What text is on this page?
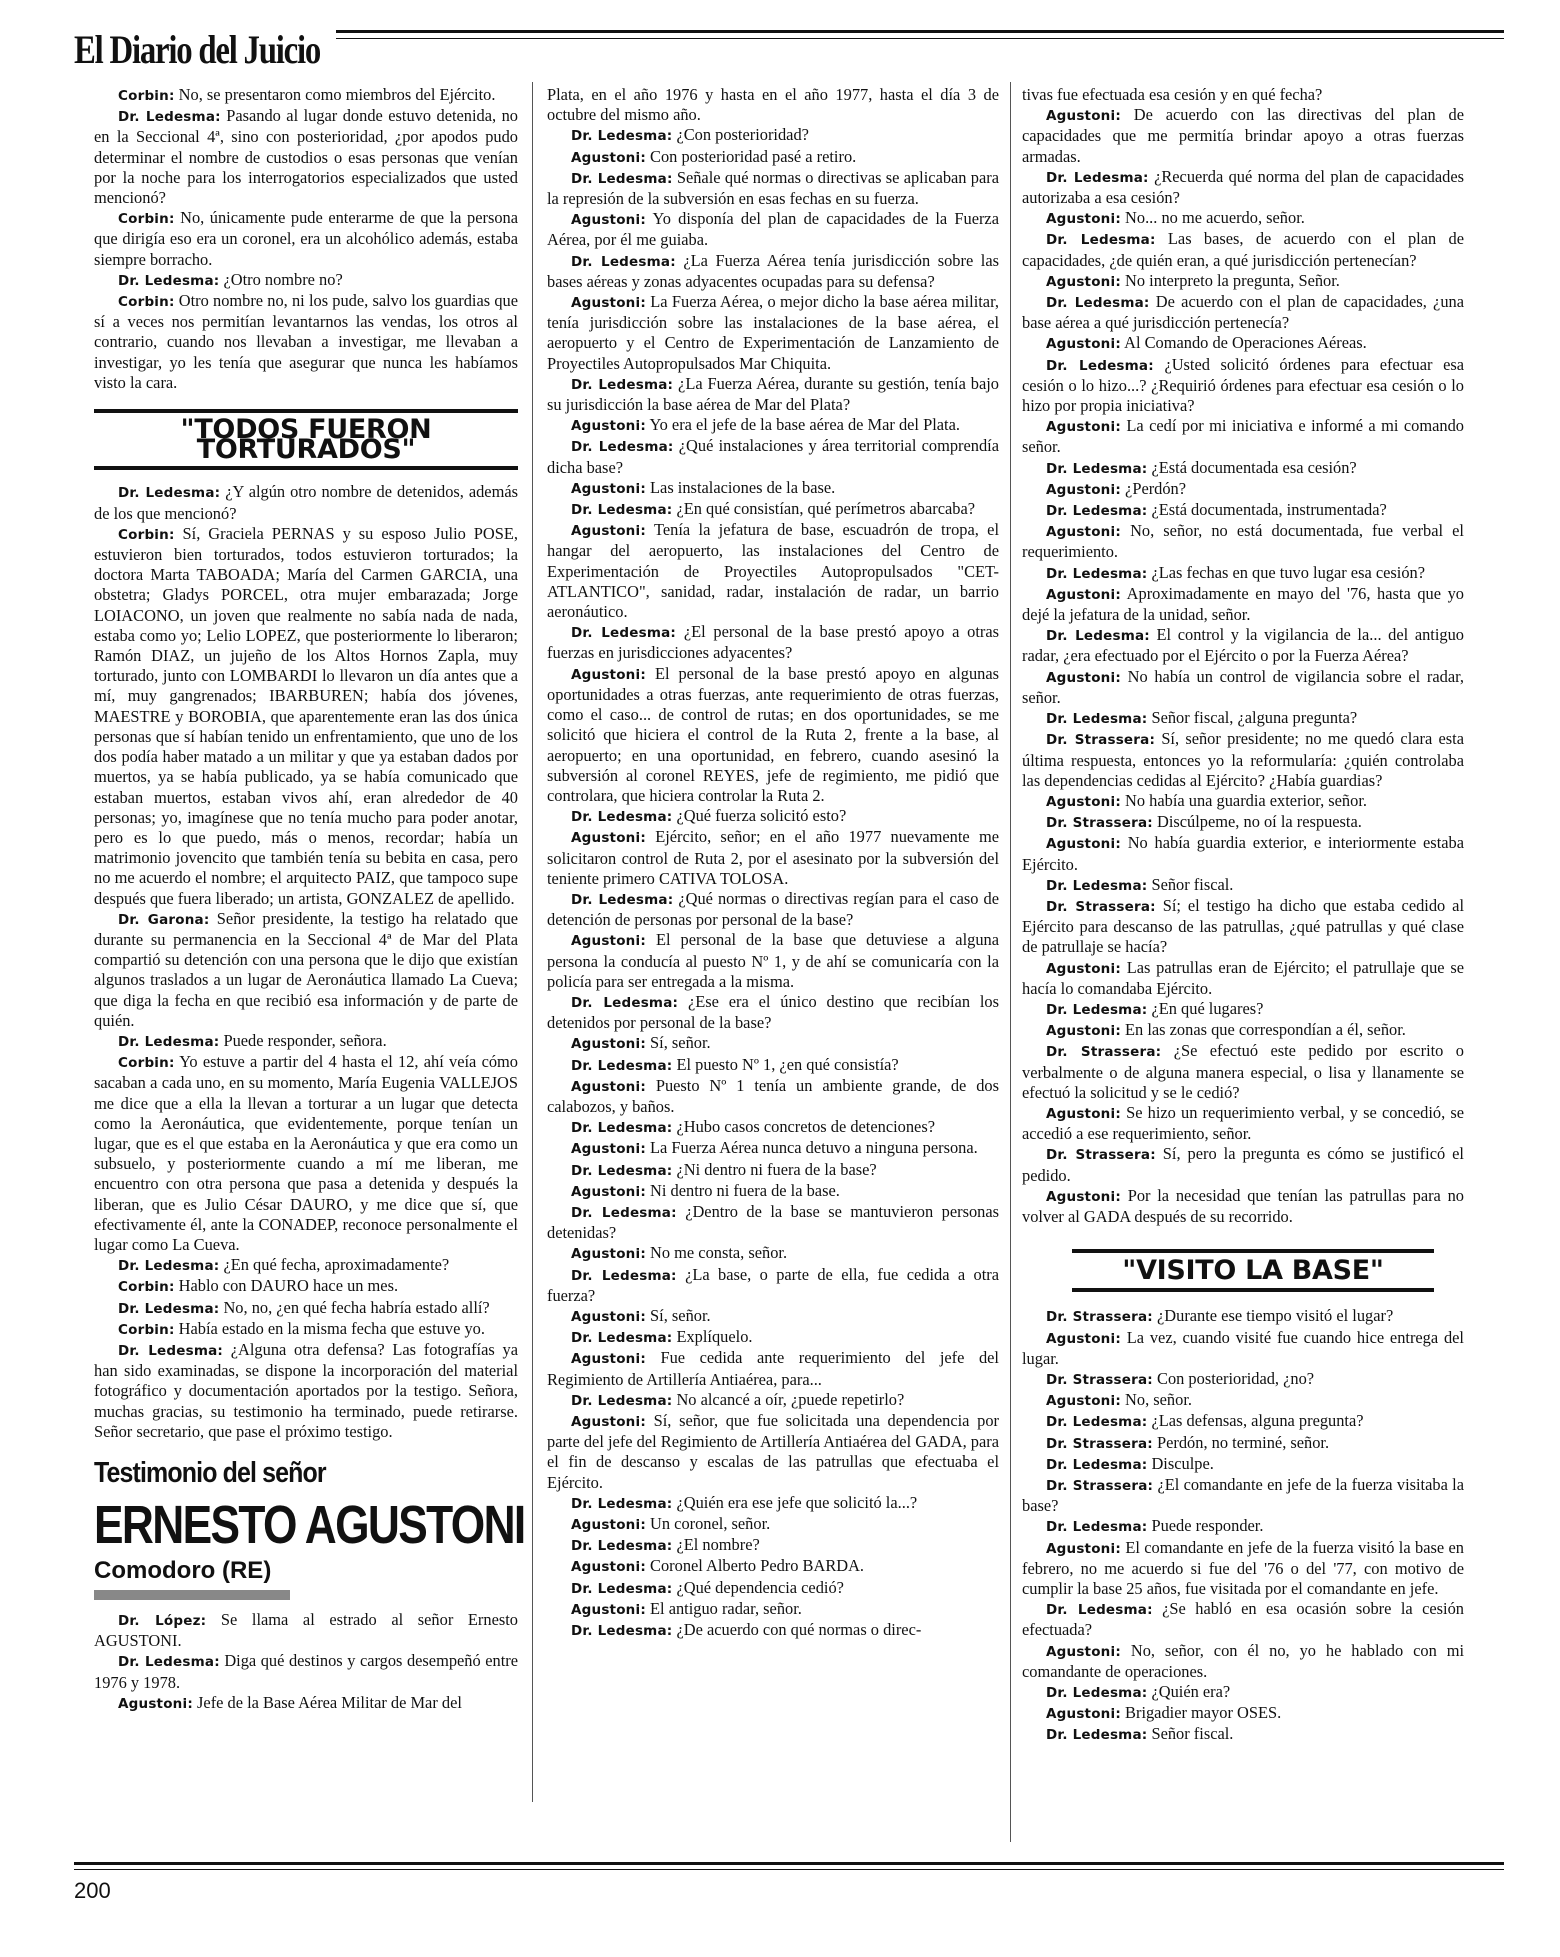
El Diario del Juicio

Corbin: No, se presentaron como miembros del Ejército.

Dr. Ledesma: Pasando al lugar donde estuvo detenida, no en la Seccional 4ª, sino con posterioridad, ¿por apodos pudo determinar el nombre de custodios o esas personas que venían por la noche para los interrogatorios especializados que usted mencionó?

Corbin: No, únicamente pude enterarme de que la persona que dirigía eso era un coronel, era un alcohólico además, estaba siempre borracho.

Dr. Ledesma: ¿Otro nombre no?

Corbin: Otro nombre no, ni los pude, salvo los guardias que sí a veces nos permitían levantarnos las vendas, los otros al contrario, cuando nos llevaban a investigar, me llevaban a investigar, yo les tenía que asegurar que nunca les habíamos visto la cara.

"TODOS FUERON TORTURADOS"

Dr. Ledesma: ¿Y algún otro nombre de detenidos, además de los que mencionó?

Corbin: Sí, Graciela PERNAS y su esposo Julio POSE, estuvieron bien torturados, todos estuvieron torturados; la doctora Marta TABOADA; María del Carmen GARCIA, una obstetra; Gladys PORCEL, otra mujer embarazada; Jorge LOIACONO, un joven que realmente no sabía nada de nada, estaba como yo; Lelio LOPEZ, que posteriormente lo liberaron; Ramón DIAZ, un jujeño de los Altos Hornos Zapla, muy torturado, junto con LOMBARDI lo llevaron un día antes que a mí, muy gangrenados; IBARBUREN; había dos jóvenes, MAESTRE y BOROBIA, que aparentemente eran las dos única personas que sí habían tenido un enfrentamiento, que uno de los dos podía haber matado a un militar y que ya estaban dados por muertos, ya se había publicado, ya se había comunicado que estaban muertos, estaban vivos ahí, eran alrededor de 40 personas; yo, imagínese que no tenía mucho para poder anotar, pero es lo que puedo, más o menos, recordar; había un matrimonio jovencito que también tenía su bebita en casa, pero no me acuerdo el nombre; el arquitecto PAIZ, que tampoco supe después que fuera liberado; un artista, GONZALEZ de apellido.

Dr. Garona: Señor presidente, la testigo ha relatado que durante su permanencia en la Seccional 4ª de Mar del Plata compartió su detención con una persona que le dijo que existían algunos traslados a un lugar de Aeronáutica llamado La Cueva; que diga la fecha en que recibió esa información y de parte de quién.

Dr. Ledesma: Puede responder, señora.

Corbin: Yo estuve a partir del 4 hasta el 12, ahí veía cómo sacaban a cada uno, en su momento, María Eugenia VALLEJOS me dice que a ella la llevan a torturar a un lugar que detecta como la Aeronáutica, que evidentemente, porque tenían un lugar, que es el que estaba en la Aeronáutica y que era como un subsuelo, y posteriormente cuando a mí me liberan, me encuentro con otra persona que pasa a detenida y después la liberan, que es Julio César DAURO, y me dice que sí, que efectivamente él, ante la CONADEP, reconoce personalmente el lugar como La Cueva.

Dr. Ledesma: ¿En qué fecha, aproximadamente?

Corbin: Hablo con DAURO hace un mes.

Dr. Ledesma: No, no, ¿en qué fecha habría estado allí?

Corbin: Había estado en la misma fecha que estuve yo.

Dr. Ledesma: ¿Alguna otra defensa? Las fotografías ya han sido examinadas, se dispone la incorporación del material fotográfico y documentación aportados por la testigo. Señora, muchas gracias, su testimonio ha terminado, puede retirarse. Señor secretario, que pase el próximo testigo.

Testimonio del señor

ERNESTO AGUSTONI

Comodoro (RE)

Dr. López: Se llama al estrado al señor Ernesto AGUSTONI.

Dr. Ledesma: Diga qué destinos y cargos desempeñó entre 1976 y 1978.

Agustoni: Jefe de la Base Aérea Militar de Mar del

Plata, en el año 1976 y hasta en el año 1977, hasta el día 3 de octubre del mismo año.

Dr. Ledesma: ¿Con posterioridad?

Agustoni: Con posterioridad pasé a retiro.

Dr. Ledesma: Señale qué normas o directivas se aplicaban para la represión de la subversión en esas fechas en su fuerza.

Agustoni: Yo disponía del plan de capacidades de la Fuerza Aérea, por él me guiaba.

Dr. Ledesma: ¿La Fuerza Aérea tenía jurisdicción sobre las bases aéreas y zonas adyacentes ocupadas para su defensa?

Agustoni: La Fuerza Aérea, o mejor dicho la base aérea militar, tenía jurisdicción sobre las instalaciones de la base aérea, el aeropuerto y el Centro de Experimentación de Lanzamiento de Proyectiles Autopropulsados Mar Chiquita.

Dr. Ledesma: ¿La Fuerza Aérea, durante su gestión, tenía bajo su jurisdicción la base aérea de Mar del Plata?

Agustoni: Yo era el jefe de la base aérea de Mar del Plata.

Dr. Ledesma: ¿Qué instalaciones y área territorial comprendía dicha base?

Agustoni: Las instalaciones de la base.

Dr. Ledesma: ¿En qué consistían, qué perímetros abarcaba?

Agustoni: Tenía la jefatura de base, escuadrón de tropa, el hangar del aeropuerto, las instalaciones del Centro de Experimentación de Proyectiles Autopropulsados "CET-ATLANTICO", sanidad, radar, instalación de radar, un barrio aeronáutico.

Dr. Ledesma: ¿El personal de la base prestó apoyo a otras fuerzas en jurisdicciones adyacentes?

Agustoni: El personal de la base prestó apoyo en algunas oportunidades a otras fuerzas, ante requerimiento de otras fuerzas, como el caso... de control de rutas; en dos oportunidades, se me solicitó que hiciera el control de la Ruta 2, frente a la base, al aeropuerto; en una oportunidad, en febrero, cuando asesinó la subversión al coronel REYES, jefe de regimiento, me pidió que controlara, que hiciera controlar la Ruta 2.

Dr. Ledesma: ¿Qué fuerza solicitó esto?

Agustoni: Ejército, señor; en el año 1977 nuevamente me solicitaron control de Ruta 2, por el asesinato por la subversión del teniente primero CATIVA TOLOSA.

Dr. Ledesma: ¿Qué normas o directivas regían para el caso de detención de personas por personal de la base?

Agustoni: El personal de la base que detuviese a alguna persona la conducía al puesto Nº 1, y de ahí se comunicaría con la policía para ser entregada a la misma.

Dr. Ledesma: ¿Ese era el único destino que recibían los detenidos por personal de la base?

Agustoni: Sí, señor.

Dr. Ledesma: El puesto Nº 1, ¿en qué consistía?

Agustoni: Puesto Nº 1 tenía un ambiente grande, de dos calabozos, y baños.

Dr. Ledesma: ¿Hubo casos concretos de detenciones?

Agustoni: La Fuerza Aérea nunca detuvo a ninguna persona.

Dr. Ledesma: ¿Ni dentro ni fuera de la base?

Agustoni: Ni dentro ni fuera de la base.

Dr. Ledesma: ¿Dentro de la base se mantuvieron personas detenidas?

Agustoni: No me consta, señor.

Dr. Ledesma: ¿La base, o parte de ella, fue cedida a otra fuerza?

Agustoni: Sí, señor.

Dr. Ledesma: Explíquelo.

Agustoni: Fue cedida ante requerimiento del jefe del Regimiento de Artillería Antiaérea, para...

Dr. Ledesma: No alcancé a oír, ¿puede repetirlo?

Agustoni: Sí, señor, que fue solicitada una dependencia por parte del jefe del Regimiento de Artillería Antiaérea del GADA, para el fin de descanso y escalas de las patrullas que efectuaba el Ejército.

Dr. Ledesma: ¿Quién era ese jefe que solicitó la...?

Agustoni: Un coronel, señor.

Dr. Ledesma: ¿El nombre?

Agustoni: Coronel Alberto Pedro BARDA.

Dr. Ledesma: ¿Qué dependencia cedió?

Agustoni: El antiguo radar, señor.

Dr. Ledesma: ¿De acuerdo con qué normas o direc-

tivas fue efectuada esa cesión y en qué fecha?

Agustoni: De acuerdo con las directivas del plan de capacidades que me permitía brindar apoyo a otras fuerzas armadas.

Dr. Ledesma: ¿Recuerda qué norma del plan de capacidades autorizaba a esa cesión?

Agustoni: No... no me acuerdo, señor.

Dr. Ledesma: Las bases, de acuerdo con el plan de capacidades, ¿de quién eran, a qué jurisdicción pertenecían?

Agustoni: No interpreto la pregunta, Señor.

Dr. Ledesma: De acuerdo con el plan de capacidades, ¿una base aérea a qué jurisdicción pertenecía?

Agustoni: Al Comando de Operaciones Aéreas.

Dr. Ledesma: ¿Usted solicitó órdenes para efectuar esa cesión o lo hizo...? ¿Requirió órdenes para efectuar esa cesión o lo hizo por propia iniciativa?

Agustoni: La cedí por mi iniciativa e informé a mi comando señor.

Dr. Ledesma: ¿Está documentada esa cesión?

Agustoni: ¿Perdón?

Dr. Ledesma: ¿Está documentada, instrumentada?

Agustoni: No, señor, no está documentada, fue verbal el requerimiento.

Dr. Ledesma: ¿Las fechas en que tuvo lugar esa cesión?

Agustoni: Aproximadamente en mayo del '76, hasta que yo dejé la jefatura de la unidad, señor.

Dr. Ledesma: El control y la vigilancia de la... del antiguo radar, ¿era efectuado por el Ejército o por la Fuerza Aérea?

Agustoni: No había un control de vigilancia sobre el radar, señor.

Dr. Ledesma: Señor fiscal, ¿alguna pregunta?

Dr. Strassera: Sí, señor presidente; no me quedó clara esta última respuesta, entonces yo la reformularía: ¿quién controlaba las dependencias cedidas al Ejército? ¿Había guardias?

Agustoni: No había una guardia exterior, señor.

Dr. Strassera: Discúlpeme, no oí la respuesta.

Agustoni: No había guardia exterior, e interiormente estaba Ejército.

Dr. Ledesma: Señor fiscal.

Dr. Strassera: Sí; el testigo ha dicho que estaba cedido al Ejército para descanso de las patrullas, ¿qué patrullas y qué clase de patrullaje se hacía?

Agustoni: Las patrullas eran de Ejército; el patrullaje que se hacía lo comandaba Ejército.

Dr. Ledesma: ¿En qué lugares?

Agustoni: En las zonas que correspondían a él, señor.

Dr. Strassera: ¿Se efectuó este pedido por escrito o verbalmente o de alguna manera especial, o lisa y llanamente se efectuó la solicitud y se le cedió?

Agustoni: Se hizo un requerimiento verbal, y se concedió, se accedió a ese requerimiento, señor.

Dr. Strassera: Sí, pero la pregunta es cómo se justificó el pedido.

Agustoni: Por la necesidad que tenían las patrullas para no volver al GADA después de su recorrido.

"VISITO LA BASE"

Dr. Strassera: ¿Durante ese tiempo visitó el lugar?

Agustoni: La vez, cuando visité fue cuando hice entrega del lugar.

Dr. Strassera: Con posterioridad, ¿no?

Agustoni: No, señor.

Dr. Ledesma: ¿Las defensas, alguna pregunta?

Dr. Strassera: Perdón, no terminé, señor.

Dr. Ledesma: Disculpe.

Dr. Strassera: ¿El comandante en jefe de la fuerza visitaba la base?

Dr. Ledesma: Puede responder.

Agustoni: El comandante en jefe de la fuerza visitó la base en febrero, no me acuerdo si fue del '76 o del '77, con motivo de cumplir la base 25 años, fue visitada por el comandante en jefe.

Dr. Ledesma: ¿Se habló en esa ocasión sobre la cesión efectuada?

Agustoni: No, señor, con él no, yo he hablado con mi comandante de operaciones.

Dr. Ledesma: ¿Quién era?

Agustoni: Brigadier mayor OSES.

Dr. Ledesma: Señor fiscal.

200
